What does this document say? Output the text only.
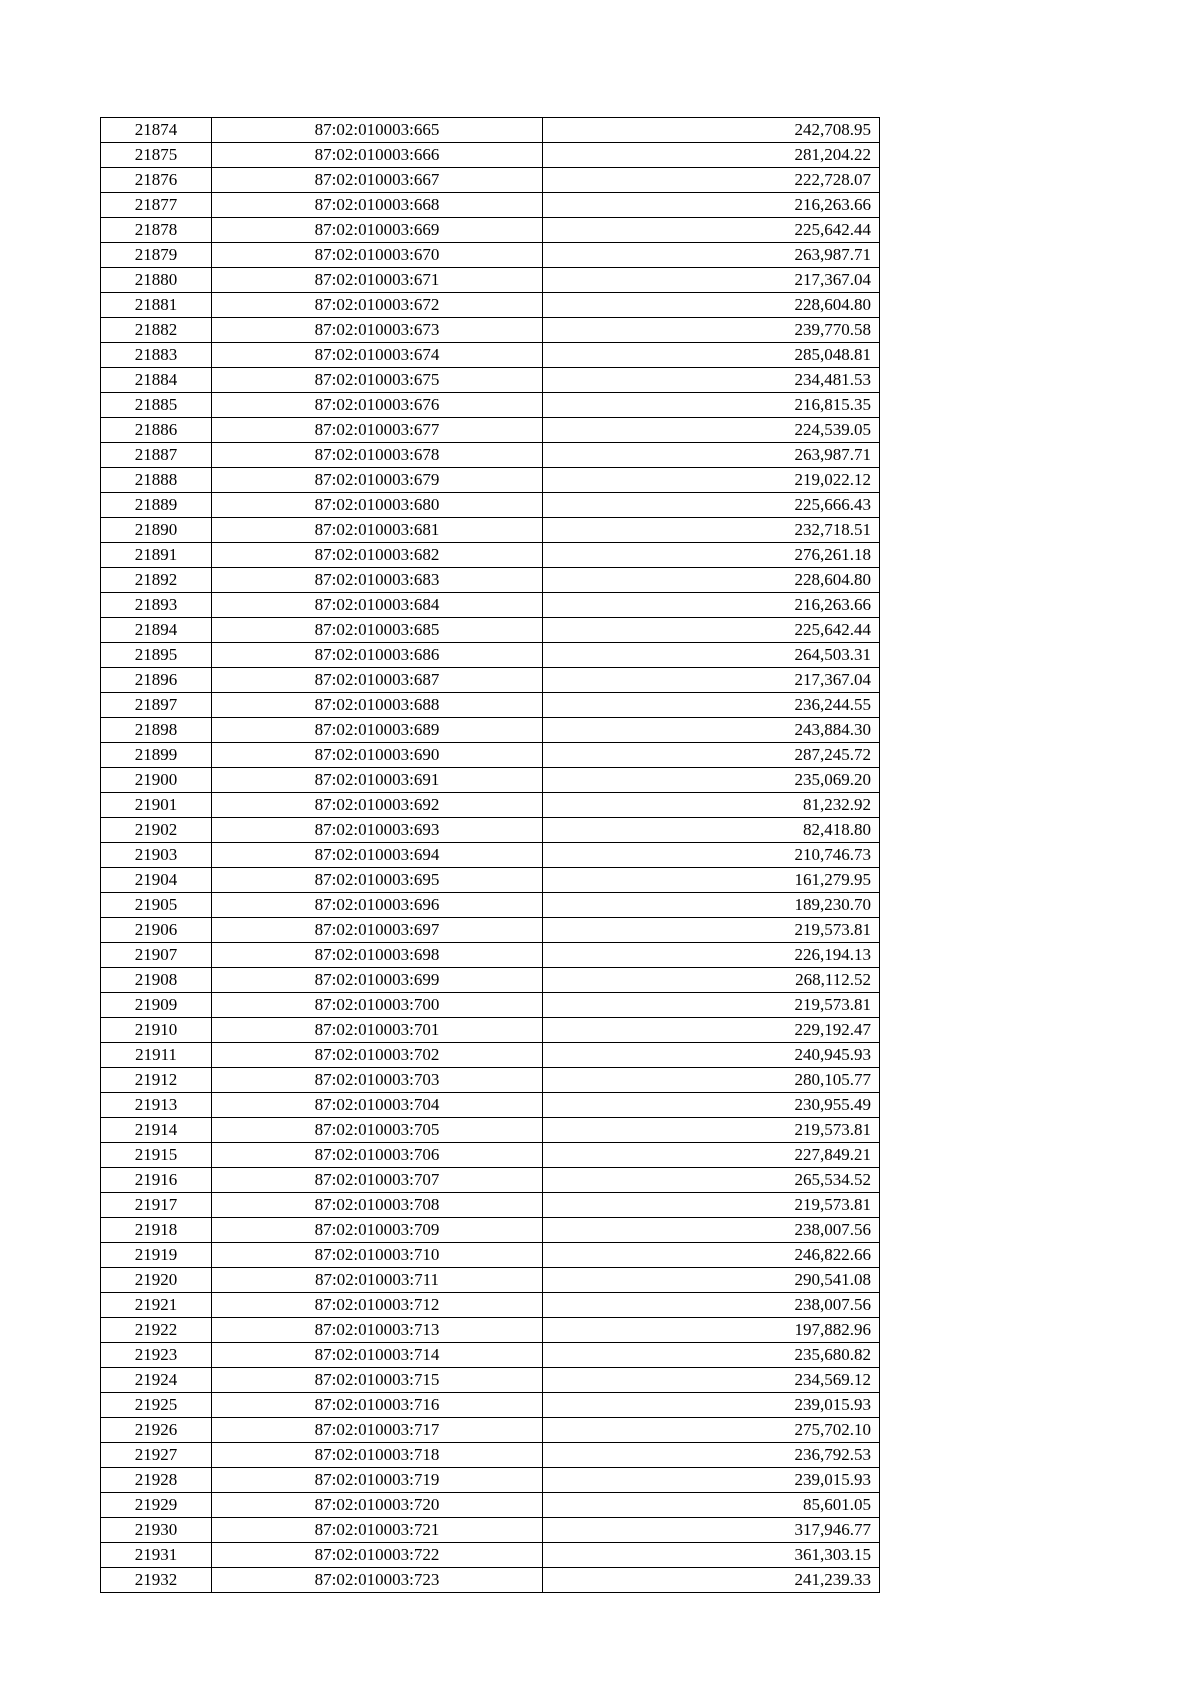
21874	87:02:010003:665	242,708.95
21875	87:02:010003:666	281,204.22
21876	87:02:010003:667	222,728.07
21877	87:02:010003:668	216,263.66
21878	87:02:010003:669	225,642.44
21879	87:02:010003:670	263,987.71
21880	87:02:010003:671	217,367.04
21881	87:02:010003:672	228,604.80
21882	87:02:010003:673	239,770.58
21883	87:02:010003:674	285,048.81
21884	87:02:010003:675	234,481.53
21885	87:02:010003:676	216,815.35
21886	87:02:010003:677	224,539.05
21887	87:02:010003:678	263,987.71
21888	87:02:010003:679	219,022.12
21889	87:02:010003:680	225,666.43
21890	87:02:010003:681	232,718.51
21891	87:02:010003:682	276,261.18
21892	87:02:010003:683	228,604.80
21893	87:02:010003:684	216,263.66
21894	87:02:010003:685	225,642.44
21895	87:02:010003:686	264,503.31
21896	87:02:010003:687	217,367.04
21897	87:02:010003:688	236,244.55
21898	87:02:010003:689	243,884.30
21899	87:02:010003:690	287,245.72
21900	87:02:010003:691	235,069.20
21901	87:02:010003:692	81,232.92
21902	87:02:010003:693	82,418.80
21903	87:02:010003:694	210,746.73
21904	87:02:010003:695	161,279.95
21905	87:02:010003:696	189,230.70
21906	87:02:010003:697	219,573.81
21907	87:02:010003:698	226,194.13
21908	87:02:010003:699	268,112.52
21909	87:02:010003:700	219,573.81
21910	87:02:010003:701	229,192.47
21911	87:02:010003:702	240,945.93
21912	87:02:010003:703	280,105.77
21913	87:02:010003:704	230,955.49
21914	87:02:010003:705	219,573.81
21915	87:02:010003:706	227,849.21
21916	87:02:010003:707	265,534.52
21917	87:02:010003:708	219,573.81
21918	87:02:010003:709	238,007.56
21919	87:02:010003:710	246,822.66
21920	87:02:010003:711	290,541.08
21921	87:02:010003:712	238,007.56
21922	87:02:010003:713	197,882.96
21923	87:02:010003:714	235,680.82
21924	87:02:010003:715	234,569.12
21925	87:02:010003:716	239,015.93
21926	87:02:010003:717	275,702.10
21927	87:02:010003:718	236,792.53
21928	87:02:010003:719	239,015.93
21929	87:02:010003:720	85,601.05
21930	87:02:010003:721	317,946.77
21931	87:02:010003:722	361,303.15
21932	87:02:010003:723	241,239.33
